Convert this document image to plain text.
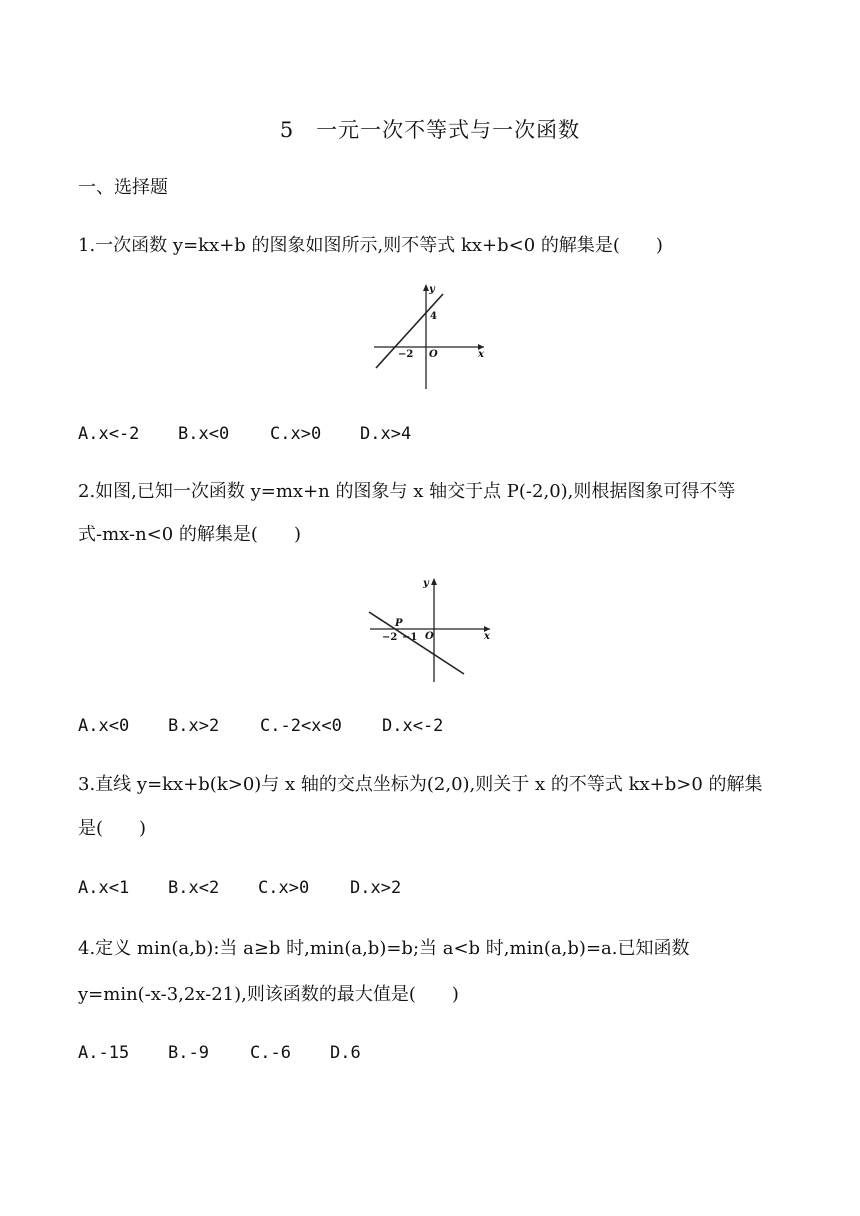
5　一元一次不等式与一次函数
一、选择题
1.一次函数 y=kx+b 的图象如图所示,则不等式 kx+b<0 的解集是(　　)
x
y
O
−2
4
A.x<-2 B.x<0 C.x>0 D.x>4
2.如图,已知一次函数 y=mx+n 的图象与 x 轴交于点 P(-2,0),则根据图象可得不等
式-mx-n<0 的解集是(　　)
x
y
O
P
−2 −1
A.x<0 B.x>2 C.-2<x<0 D.x<-2
3.直线 y=kx+b(k>0)与 x 轴的交点坐标为(2,0),则关于 x 的不等式 kx+b>0 的解集
是(　　)
A.x<1 B.x<2 C.x>0 D.x>2
4.定义 min(a,b):当 a≥b 时,min(a,b)=b;当 a<b 时,min(a,b)=a.已知函数
y=min(-x-3,2x-21),则该函数的最大值是(　　)
A.-15 B.-9 C.-6 D.6
